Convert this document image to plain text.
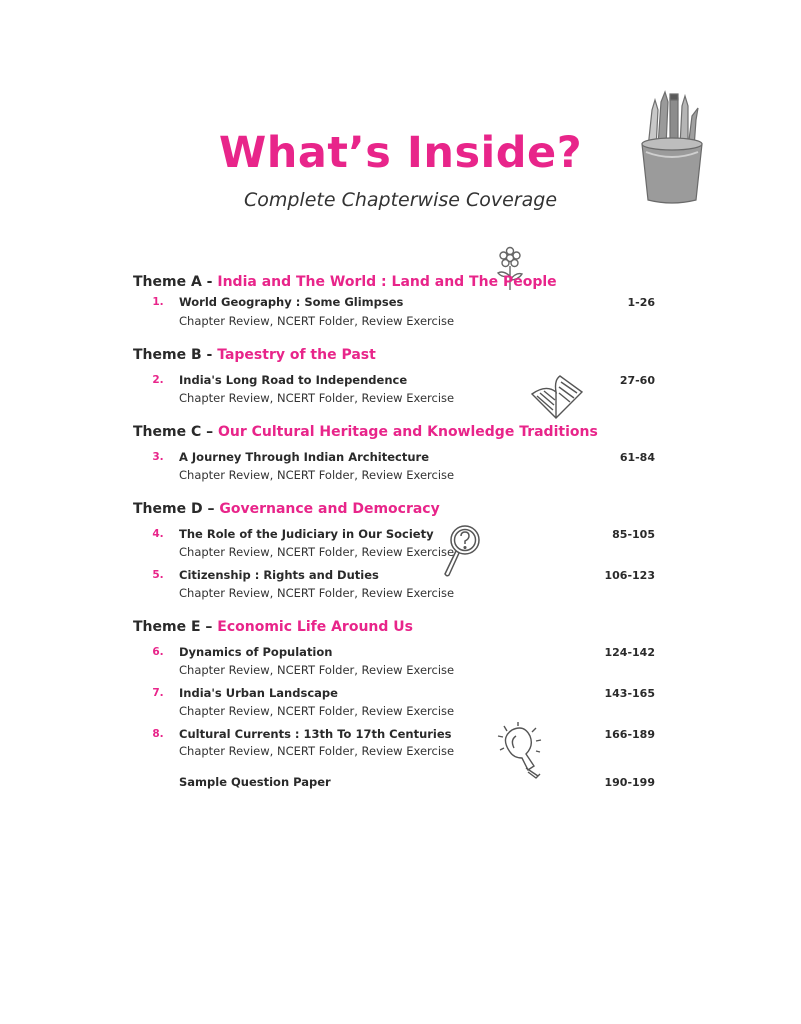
What’s Inside?
Complete Chapterwise Coverage
Theme A - India and The World : Land and The People
1. World Geography : Some Glimpses	1-26
Chapter Review, NCERT Folder, Review Exercise
Theme B - Tapestry of the Past
2. India's Long Road to Independence	27-60
Chapter Review, NCERT Folder, Review Exercise
Theme C – Our Cultural Heritage and Knowledge Traditions
3. A Journey Through Indian Architecture	61-84
Chapter Review, NCERT Folder, Review Exercise
Theme D – Governance and Democracy
4. The Role of the Judiciary in Our Society	85-105
Chapter Review, NCERT Folder, Review Exercise
5. Citizenship : Rights and Duties	106-123
Chapter Review, NCERT Folder, Review Exercise
Theme E – Economic Life Around Us
6. Dynamics of Population	124-142
Chapter Review, NCERT Folder, Review Exercise
7. India's Urban Landscape	143-165
Chapter Review, NCERT Folder, Review Exercise
8. Cultural Currents : 13th To 17th Centuries	166-189
Chapter Review, NCERT Folder, Review Exercise
Sample Question Paper	190-199
